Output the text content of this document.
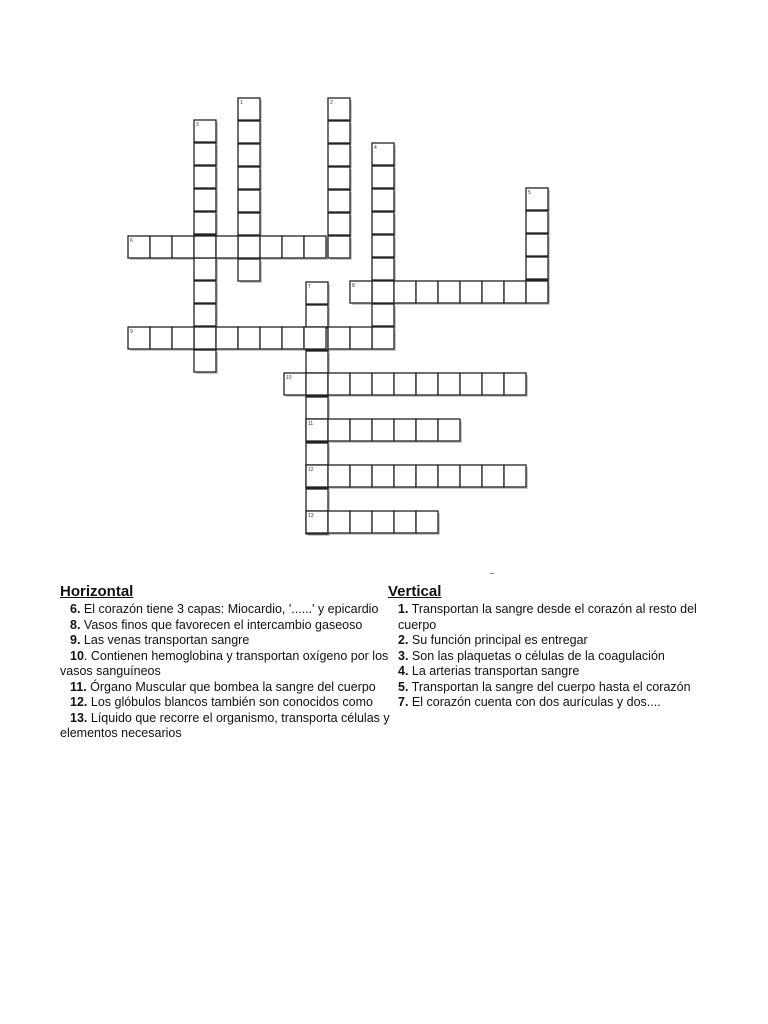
1	2
3
4
5
6
7	8
9
10
11
12
13
Horizontal
6. El corazón tiene 3 capas: Miocardio, '......' y epicardio
8. Vasos finos que favorecen el intercambio gaseoso
9. Las venas transportan sangre
10. Contienen hemoglobina y transportan oxígeno por los vasos sanguíneos
11. Órgano Muscular que bombea la sangre del cuerpo
12. Los glóbulos blancos también son conocidos como
13. Líquido que recorre el organismo, transporta células y elementos necesarios
Vertical
1. Transportan la sangre desde el corazón al resto del cuerpo
2. Su función principal es entregar
3. Son las plaquetas o células de la coagulación
4. La arterias transportan sangre
5. Transportan la sangre del cuerpo hasta el corazón
7. El corazón cuenta con dos aurículas y dos....
